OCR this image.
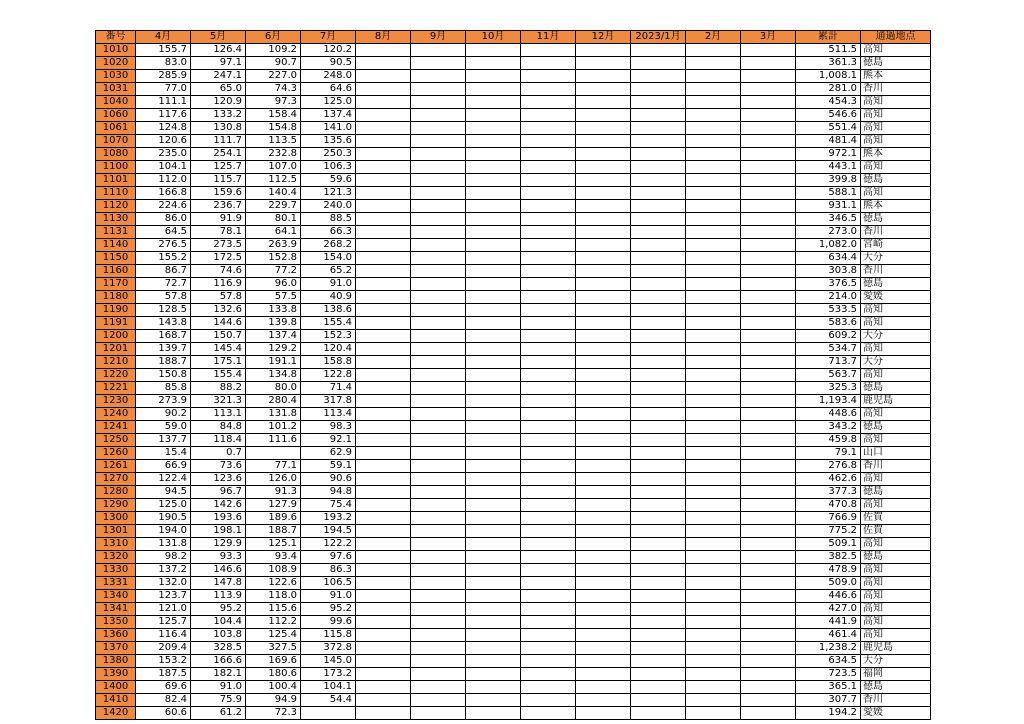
番号	4月	5月	6月	7月	8月	9月	10月	11月	12月	2023/1月	2月	3月	累計	通過地点
1010	155.7	126.4	109.2	120.2									511.5	高知
1020	83.0	97.1	90.7	90.5									361.3	徳島
1030	285.9	247.1	227.0	248.0									1,008.1	熊本
1031	77.0	65.0	74.3	64.6									281.0	香川
1040	111.1	120.9	97.3	125.0									454.3	高知
1060	117.6	133.2	158.4	137.4									546.6	高知
1061	124.8	130.8	154.8	141.0									551.4	高知
1070	120.6	111.7	113.5	135.6									481.4	高知
1080	235.0	254.1	232.8	250.3									972.1	熊本
1100	104.1	125.7	107.0	106.3									443.1	高知
1101	112.0	115.7	112.5	59.6									399.8	徳島
1110	166.8	159.6	140.4	121.3									588.1	高知
1120	224.6	236.7	229.7	240.0									931.1	熊本
1130	86.0	91.9	80.1	88.5									346.5	徳島
1131	64.5	78.1	64.1	66.3									273.0	香川
1140	276.5	273.5	263.9	268.2									1,082.0	宮崎
1150	155.2	172.5	152.8	154.0									634.4	大分
1160	86.7	74.6	77.2	65.2									303.8	香川
1170	72.7	116.9	96.0	91.0									376.5	徳島
1180	57.8	57.8	57.5	40.9									214.0	愛媛
1190	128.5	132.6	133.8	138.6									533.5	高知
1191	143.8	144.6	139.8	155.4									583.6	高知
1200	168.7	150.7	137.4	152.3									609.2	大分
1201	139.7	145.4	129.2	120.4									534.7	高知
1210	188.7	175.1	191.1	158.8									713.7	大分
1220	150.8	155.4	134.8	122.8									563.7	高知
1221	85.8	88.2	80.0	71.4									325.3	徳島
1230	273.9	321.3	280.4	317.8									1,193.4	鹿児島
1240	90.2	113.1	131.8	113.4									448.6	高知
1241	59.0	84.8	101.2	98.3									343.2	徳島
1250	137.7	118.4	111.6	92.1									459.8	高知
1260	15.4	0.7		62.9									79.1	山口
1261	66.9	73.6	77.1	59.1									276.8	香川
1270	122.4	123.6	126.0	90.6									462.6	高知
1280	94.5	96.7	91.3	94.8									377.3	徳島
1290	125.0	142.6	127.9	75.4									470.8	高知
1300	190.5	193.6	189.6	193.2									766.9	佐賀
1301	194.0	198.1	188.7	194.5									775.2	佐賀
1310	131.8	129.9	125.1	122.2									509.1	高知
1320	98.2	93.3	93.4	97.6									382.5	徳島
1330	137.2	146.6	108.9	86.3									478.9	高知
1331	132.0	147.8	122.6	106.5									509.0	高知
1340	123.7	113.9	118.0	91.0									446.6	高知
1341	121.0	95.2	115.6	95.2									427.0	高知
1350	125.7	104.4	112.2	99.6									441.9	高知
1360	116.4	103.8	125.4	115.8									461.4	高知
1370	209.4	328.5	327.5	372.8									1,238.2	鹿児島
1380	153.2	166.6	169.6	145.0									634.5	大分
1390	187.5	182.1	180.6	173.2									723.5	福岡
1400	69.6	91.0	100.4	104.1									365.1	徳島
1410	82.4	75.9	94.9	54.4									307.7	香川
1420	60.6	61.2	72.3										194.2	愛媛
